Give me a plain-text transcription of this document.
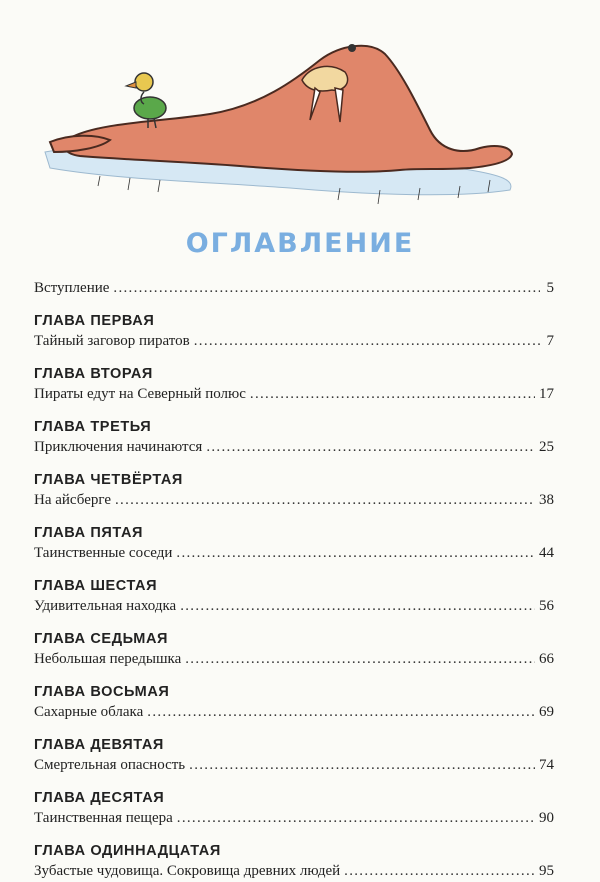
ОГЛАВЛЕНИЕ
Вступление .....	5
ГЛАВА ПЕРВАЯ
Тайный заговор пиратов .....	7
ГЛАВА ВТОРАЯ
Пираты едут на Северный полюс .....	17
ГЛАВА ТРЕТЬЯ
Приключения начинаются .....	25
ГЛАВА ЧЕТВЁРТАЯ
На айсберге .....	38
ГЛАВА ПЯТАЯ
Таинственные соседи .....	44
ГЛАВА ШЕСТАЯ
Удивительная находка .....	56
ГЛАВА СЕДЬМАЯ
Небольшая передышка .....	66
ГЛАВА ВОСЬМАЯ
Сахарные облака .....	69
ГЛАВА ДЕВЯТАЯ
Смертельная опасность .....	74
ГЛАВА ДЕСЯТАЯ
Таинственная пещера .....	90
ГЛАВА ОДИННАДЦАТАЯ
Зубастые чудовища. Сокровища древних людей .....	95
